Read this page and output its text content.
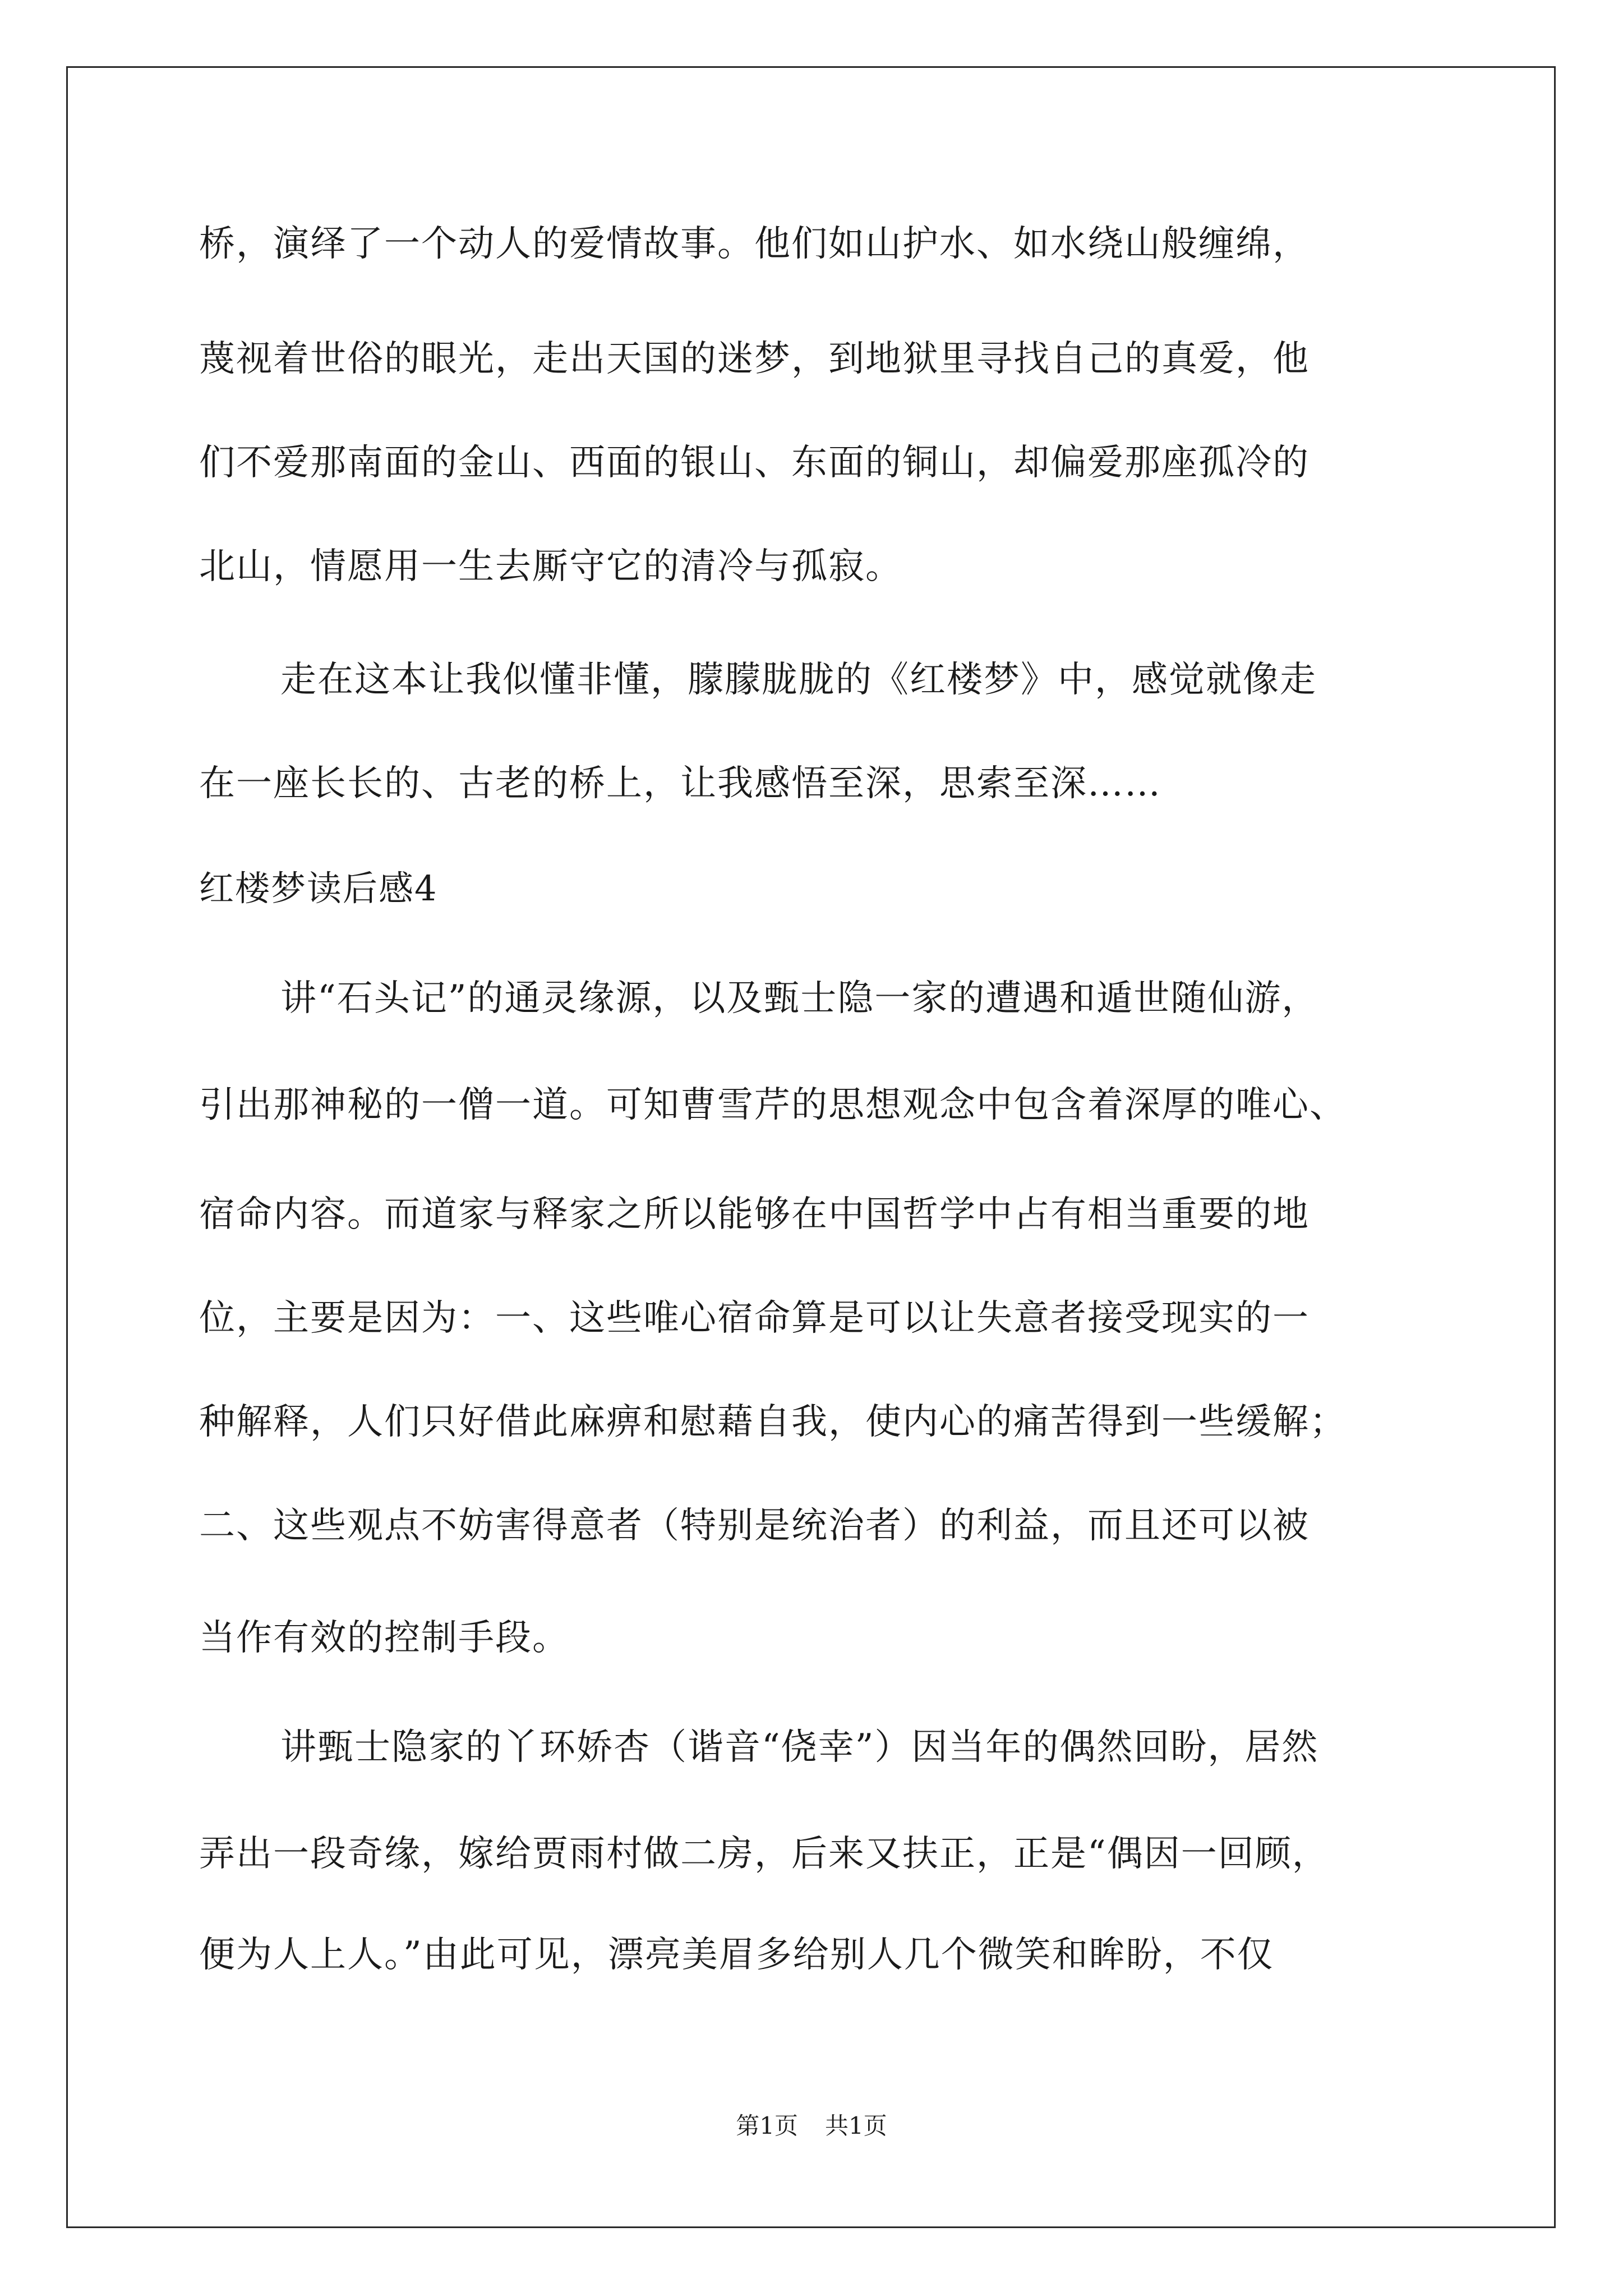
桥，演绎了一个动人的爱情故事。他们如山护水、如水绕山般缠绵，
蔑视着世俗的眼光，走出天国的迷梦，到地狱里寻找自己的真爱，他
们不爱那南面的金山、西面的银山、东面的铜山，却偏爱那座孤冷的
北山，情愿用一生去厮守它的清冷与孤寂。
走在这本让我似懂非懂，朦朦胧胧的《红楼梦》中，感觉就像走
在一座长长的、古老的桥上，让我感悟至深，思索至深……
红楼梦读后感4
讲“石头记”的通灵缘源，以及甄士隐一家的遭遇和遁世随仙游，
引出那神秘的一僧一道。可知曹雪芹的思想观念中包含着深厚的唯心、
宿命内容。而道家与释家之所以能够在中国哲学中占有相当重要的地
位，主要是因为：一、这些唯心宿命算是可以让失意者接受现实的一
种解释，人们只好借此麻痹和慰藉自我，使内心的痛苦得到一些缓解；
二、这些观点不妨害得意者（特别是统治者）的利益，而且还可以被
当作有效的控制手段。
讲甄士隐家的丫环娇杏（谐音“侥幸”）因当年的偶然回盼，居然
弄出一段奇缘，嫁给贾雨村做二房，后来又扶正，正是“偶因一回顾，
便为人上人。”由此可见，漂亮美眉多给别人几个微笑和眸盼，不仅
第1页 共1页
